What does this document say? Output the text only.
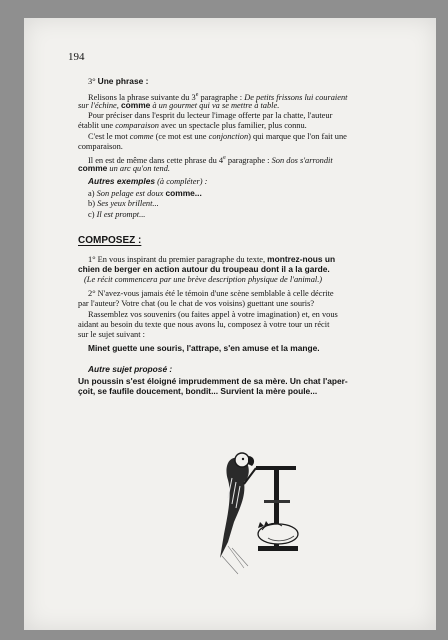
194
3° Une phrase :
Relisons la phrase suivante du 3e paragraphe : De petits frissons lui couraient
sur l'échine, comme à un gourmet qui va se mettre à table.
Pour préciser dans l'esprit du lecteur l'image offerte par la chatte, l'auteur
établit une comparaison avec un spectacle plus familier, plus connu.
C'est le mot comme (ce mot est une conjonction) qui marque que l'on fait une
comparaison.
Il en est de même dans cette phrase du 4e paragraphe : Son dos s'arrondit
comme un arc qu'on tend.
Autres exemples (à compléter) :
a) Son pelage est doux comme...
b) Ses yeux brillent...
c) Il est prompt...
COMPOSEZ :
1° En vous inspirant du premier paragraphe du texte, montrez-nous un
chien de berger en action autour du troupeau dont il a la garde.
(Le récit commencera par une brève description physique de l'animal.)
2° N'avez-vous jamais été le témoin d'une scène semblable à celle décrite
par l'auteur? Votre chat (ou le chat de vos voisins) guettant une souris?
Rassemblez vos souvenirs (ou faites appel à votre imagination) et, en vous
aidant au besoin du texte que nous avons lu, composez à votre tour un récit
sur le sujet suivant :
Minet guette une souris, l'attrape, s'en amuse et la mange.
Autre sujet proposé :
Un poussin s'est éloigné imprudemment de sa mère. Un chat l'aper-
çoit, se faufile doucement, bondit... Survient la mère poule...
